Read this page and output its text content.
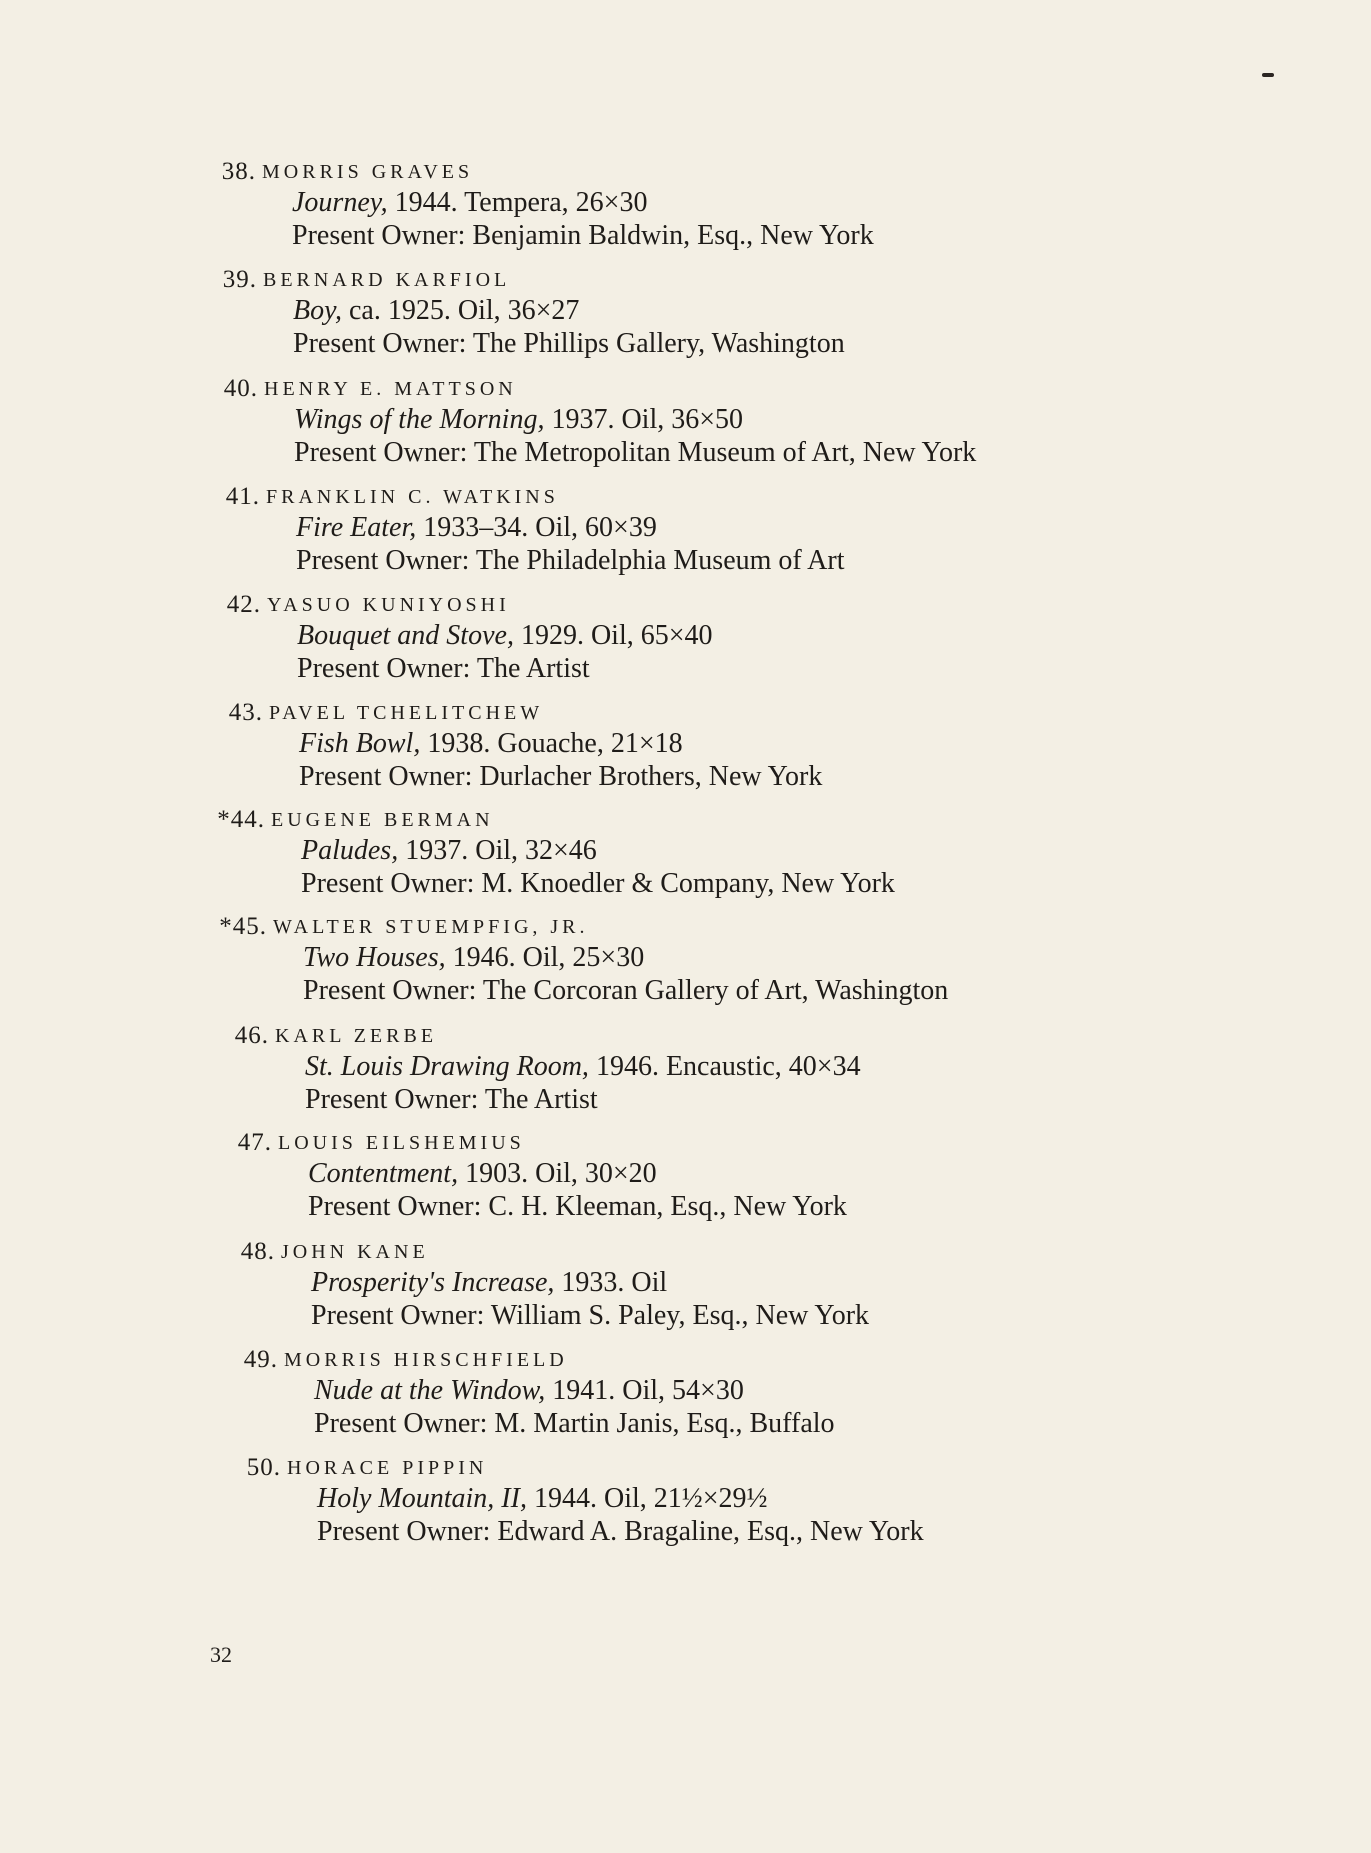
38. MORRIS GRAVES
Journey, 1944. Tempera, 26×30
Present Owner: Benjamin Baldwin, Esq., New York
39. BERNARD KARFIOL
Boy, ca. 1925. Oil, 36×27
Present Owner: The Phillips Gallery, Washington
40. HENRY E. MATTSON
Wings of the Morning, 1937. Oil, 36×50
Present Owner: The Metropolitan Museum of Art, New York
41. FRANKLIN C. WATKINS
Fire Eater, 1933–34. Oil, 60×39
Present Owner: The Philadelphia Museum of Art
42. YASUO KUNIYOSHI
Bouquet and Stove, 1929. Oil, 65×40
Present Owner: The Artist
43. PAVEL TCHELITCHEW
Fish Bowl, 1938. Gouache, 21×18
Present Owner: Durlacher Brothers, New York
*44. EUGENE BERMAN
Paludes, 1937. Oil, 32×46
Present Owner: M. Knoedler & Company, New York
*45. WALTER STUEMPFIG, JR.
Two Houses, 1946. Oil, 25×30
Present Owner: The Corcoran Gallery of Art, Washington
46. KARL ZERBE
St. Louis Drawing Room, 1946. Encaustic, 40×34
Present Owner: The Artist
47. LOUIS EILSHEMIUS
Contentment, 1903. Oil, 30×20
Present Owner: C. H. Kleeman, Esq., New York
48. JOHN KANE
Prosperity's Increase, 1933. Oil
Present Owner: William S. Paley, Esq., New York
49. MORRIS HIRSCHFIELD
Nude at the Window, 1941. Oil, 54×30
Present Owner: M. Martin Janis, Esq., Buffalo
50. HORACE PIPPIN
Holy Mountain, II, 1944. Oil, 21½×29½
Present Owner: Edward A. Bragaline, Esq., New York
32
